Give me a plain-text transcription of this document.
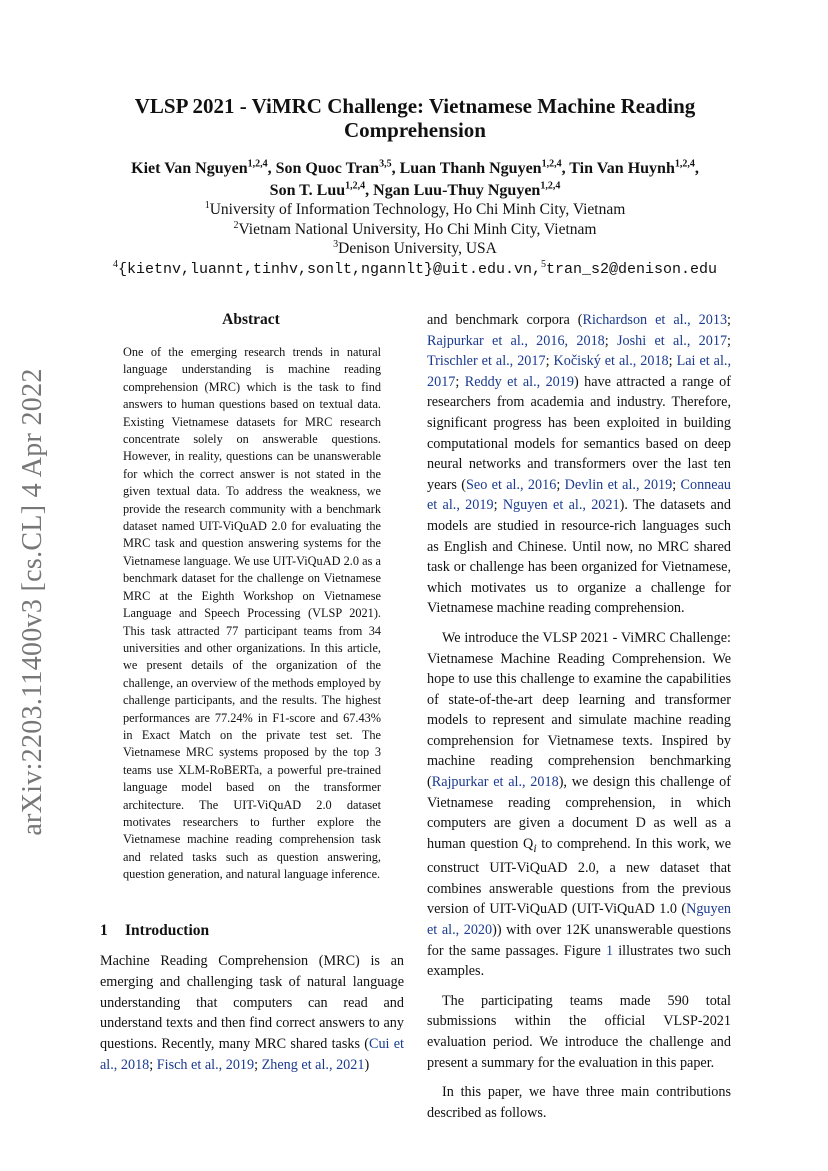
arXiv:2203.11400v3 [cs.CL] 4 Apr 2022
VLSP 2021 - ViMRC Challenge: Vietnamese Machine Reading Comprehension
Kiet Van Nguyen$^{1,2,4}$, Son Quoc Tran$^{3,5}$, Luan Thanh Nguyen$^{1,2,4}$, Tin Van Huynh$^{1,2,4}$,
Son T. Luu$^{1,2,4}$, Ngan Luu-Thuy Nguyen$^{1,2,4}$
$^1$University of Information Technology, Ho Chi Minh City, Vietnam
$^2$Vietnam National University, Ho Chi Minh City, Vietnam
$^3$Denison University, USA
$^4${kietnv,luannt,tinhv,sonlt,ngannlt}@uit.edu.vn,$^5$tran_s2@denison.edu
Abstract
One of the emerging research trends in natural language understanding is machine reading comprehension (MRC) which is the task to find answers to human questions based on textual data. Existing Vietnamese datasets for MRC research concentrate solely on answerable questions. However, in reality, questions can be unanswerable for which the correct answer is not stated in the given textual data. To address the weakness, we provide the research community with a benchmark dataset named UIT-ViQuAD 2.0 for evaluating the MRC task and question answering systems for the Vietnamese language. We use UIT-ViQuAD 2.0 as a benchmark dataset for the challenge on Vietnamese MRC at the Eighth Workshop on Vietnamese Language and Speech Processing (VLSP 2021). This task attracted 77 participant teams from 34 universities and other organizations. In this article, we present details of the organization of the challenge, an overview of the methods employed by challenge participants, and the results. The highest performances are 77.24% in F1-score and 67.43% in Exact Match on the private test set. The Vietnamese MRC systems proposed by the top 3 teams use XLM-RoBERTa, a powerful pre-trained language model based on the transformer architecture. The UIT-ViQuAD 2.0 dataset motivates researchers to further explore the Vietnamese machine reading comprehension task and related tasks such as question answering, question generation, and natural language inference.
1 Introduction
Machine Reading Comprehension (MRC) is an emerging and challenging task of natural language understanding that computers can read and understand texts and then find correct answers to any questions. Recently, many MRC shared tasks (Cui et al., 2018; Fisch et al., 2019; Zheng et al., 2021)

and benchmark corpora (Richardson et al., 2013; Rajpurkar et al., 2016, 2018; Joshi et al., 2017; Trischler et al., 2017; Kočiský et al., 2018; Lai et al., 2017; Reddy et al., 2019) have attracted a range of researchers from academia and industry. Therefore, significant progress has been exploited in building computational models for semantics based on deep neural networks and transformers over the last ten years (Seo et al., 2016; Devlin et al., 2019; Conneau et al., 2019; Nguyen et al., 2021). The datasets and models are studied in resource-rich languages such as English and Chinese. Until now, no MRC shared task or challenge has been organized for Vietnamese, which motivates us to organize a challenge for Vietnamese machine reading comprehension.

We introduce the VLSP 2021 - ViMRC Challenge: Vietnamese Machine Reading Comprehension. We hope to use this challenge to examine the capabilities of state-of-the-art deep learning and transformer models to represent and simulate machine reading comprehension for Vietnamese texts. Inspired by machine reading comprehension benchmarking (Rajpurkar et al., 2018), we design this challenge of Vietnamese reading comprehension, in which computers are given a document D as well as a human question $Q_i$ to comprehend. In this work, we construct UIT-ViQuAD 2.0, a new dataset that combines answerable questions from the previous version of UIT-ViQuAD (UIT-ViQuAD 1.0 (Nguyen et al., 2020)) with over 12K unanswerable questions for the same passages. Figure 1 illustrates two such examples.

The participating teams made 590 total submissions within the official VLSP-2021 evaluation period. We introduce the challenge and present a summary for the evaluation in this paper.

In this paper, we have three main contributions described as follows.
